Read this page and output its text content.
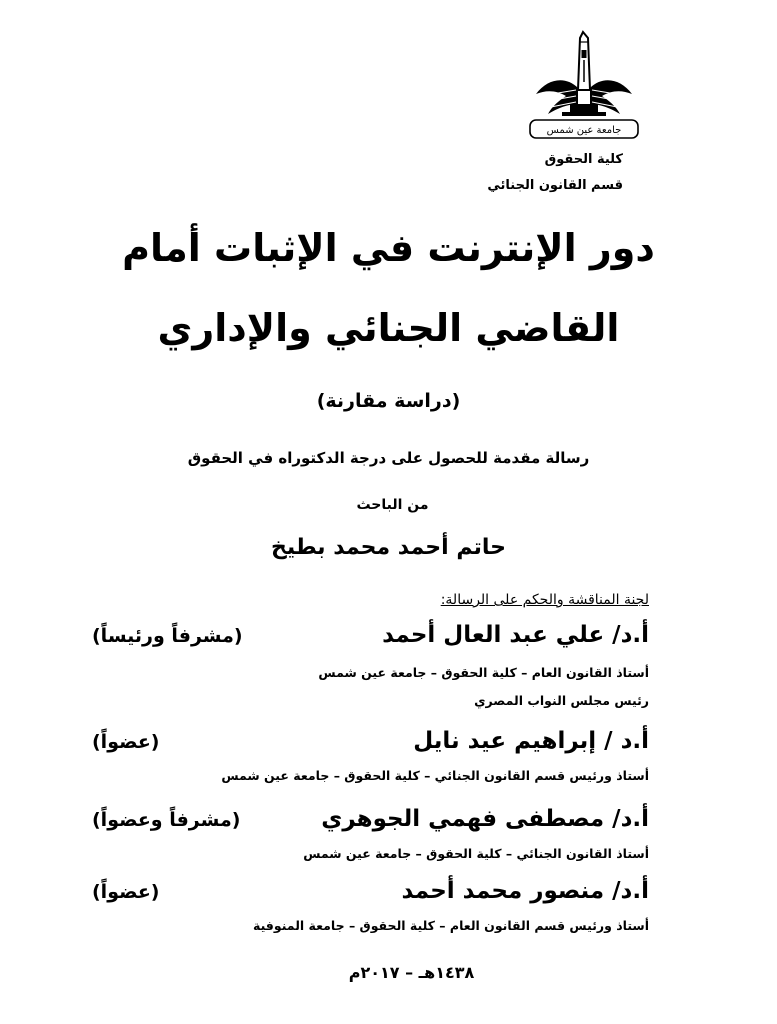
جامعة عين شمس
كلية الحقوق
قسم القانون الجنائي
دور الإنترنت في الإثبات أمام
القاضي الجنائي والإداري
(دراسة مقارنة)
رسالة مقدمة للحصول على درجة الدكتوراه في الحقوق
من الباحث
حاتم أحمد محمد بطيخ
لجنة المناقشة والحكم على الرسالة:
أ.د/ علي عبد العال أحمد
(مشرفاً ورئيساً)
أستاذ القانون العام – كلية الحقوق – جامعة عين شمس
رئيس مجلس النواب المصري
أ.د / إبراهيم عيد نايل
(عضواً)
أستاذ ورئيس قسم القانون الجنائي – كلية الحقوق – جامعة عين شمس
أ.د/ مصطفى فهمي الجوهري
(مشرفاً وعضواً)
أستاذ القانون الجنائي – كلية الحقوق – جامعة عين شمس
أ.د/ منصور محمد أحمد
(عضواً)
أستاذ ورئيس قسم القانون العام – كلية الحقوق – جامعة المنوفية
١٤٣٨هـ – ٢٠١٧م
